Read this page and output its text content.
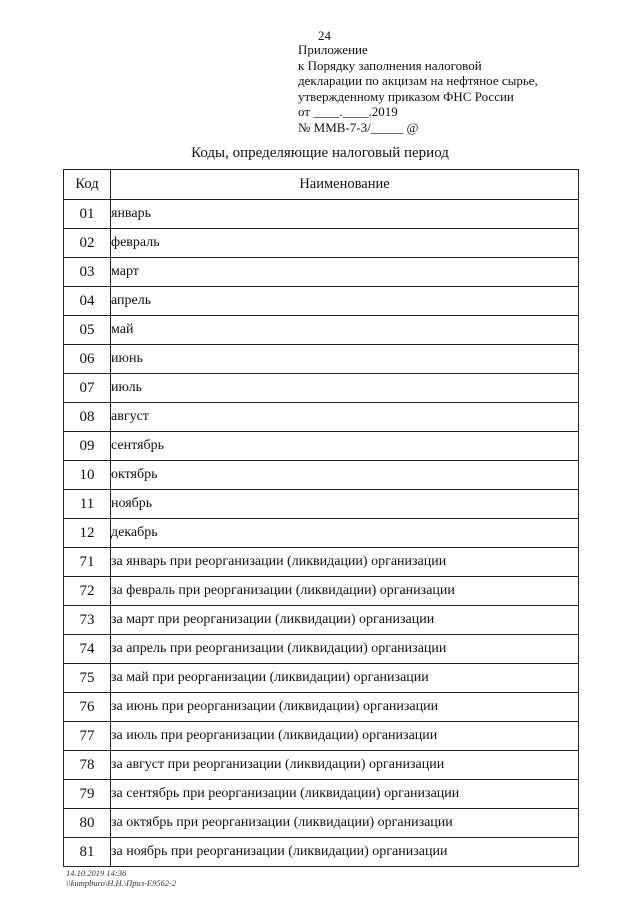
24
Приложение
к Порядку заполнения налоговой
декларации по акцизам на нефтяное сырье,
утвержденному приказом ФНС России
от ____.____.2019
№ ММВ-7-3/_____ @
Коды, определяющие налоговый период
Код	Наименование
01	январь
02	февраль
03	март
04	апрель
05	май
06	июнь
07	июль
08	август
09	сентябрь
10	октябрь
11	ноябрь
12	декабрь
71	за январь при реорганизации (ликвидации) организации
72	за февраль при реорганизации (ликвидации) организации
73	за март при реорганизации (ликвидации) организации
74	за апрель при реорганизации (ликвидации) организации
75	за май при реорганизации (ликвидации) организации
76	за июнь при реорганизации (ликвидации) организации
77	за июль при реорганизации (ликвидации) организации
78	за август при реорганизации (ликвидации) организации
79	за сентябрь при реорганизации (ликвидации) организации
80	за октябрь при реорганизации (ликвидации) организации
81	за ноябрь при реорганизации (ликвидации) организации
14.10.2019 14:36
\\kumpburo\Н.Н.\Приз-Е9562-2
